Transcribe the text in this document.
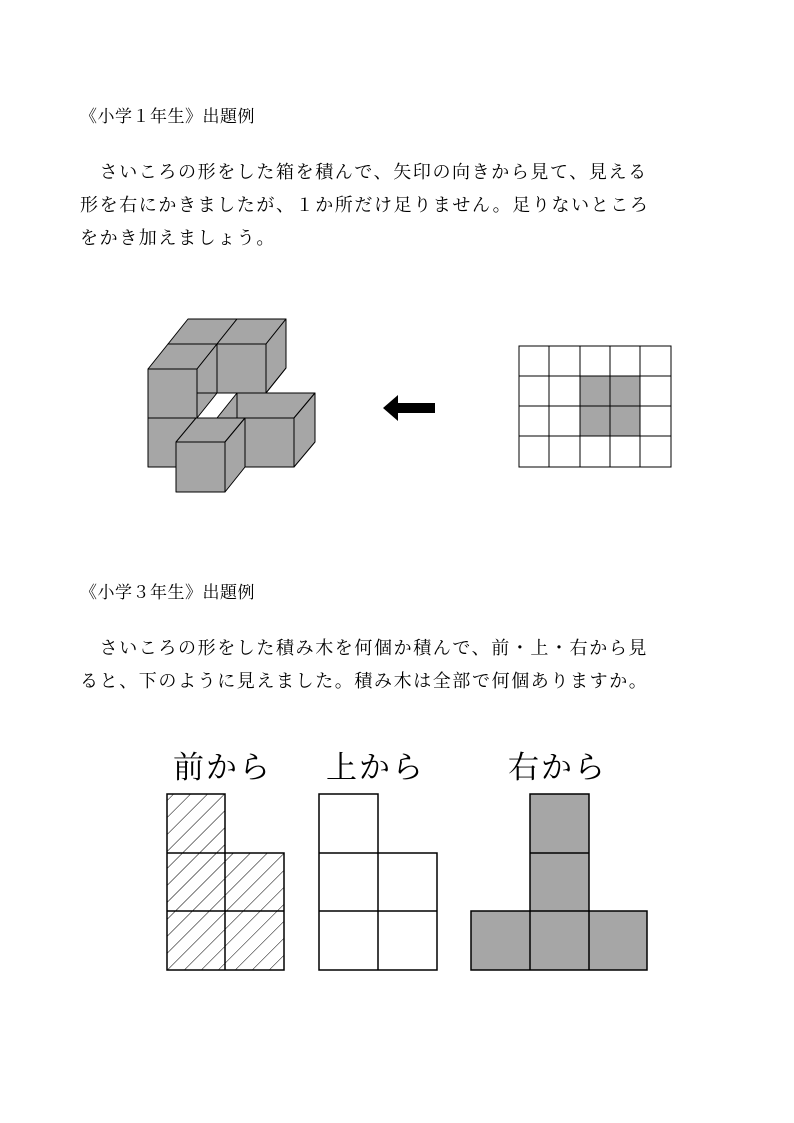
《小学１年生》出題例
　さいころの形をした箱を積んで、矢印の向きから見て、見える
形を右にかきましたが、１か所だけ足りません。足りないところ
をかき加えましょう。
《小学３年生》出題例
　さいころの形をした積み木を何個か積んで、前・上・右から見
ると、下のように見えました。積み木は全部で何個ありますか。
前から 上から	右から
